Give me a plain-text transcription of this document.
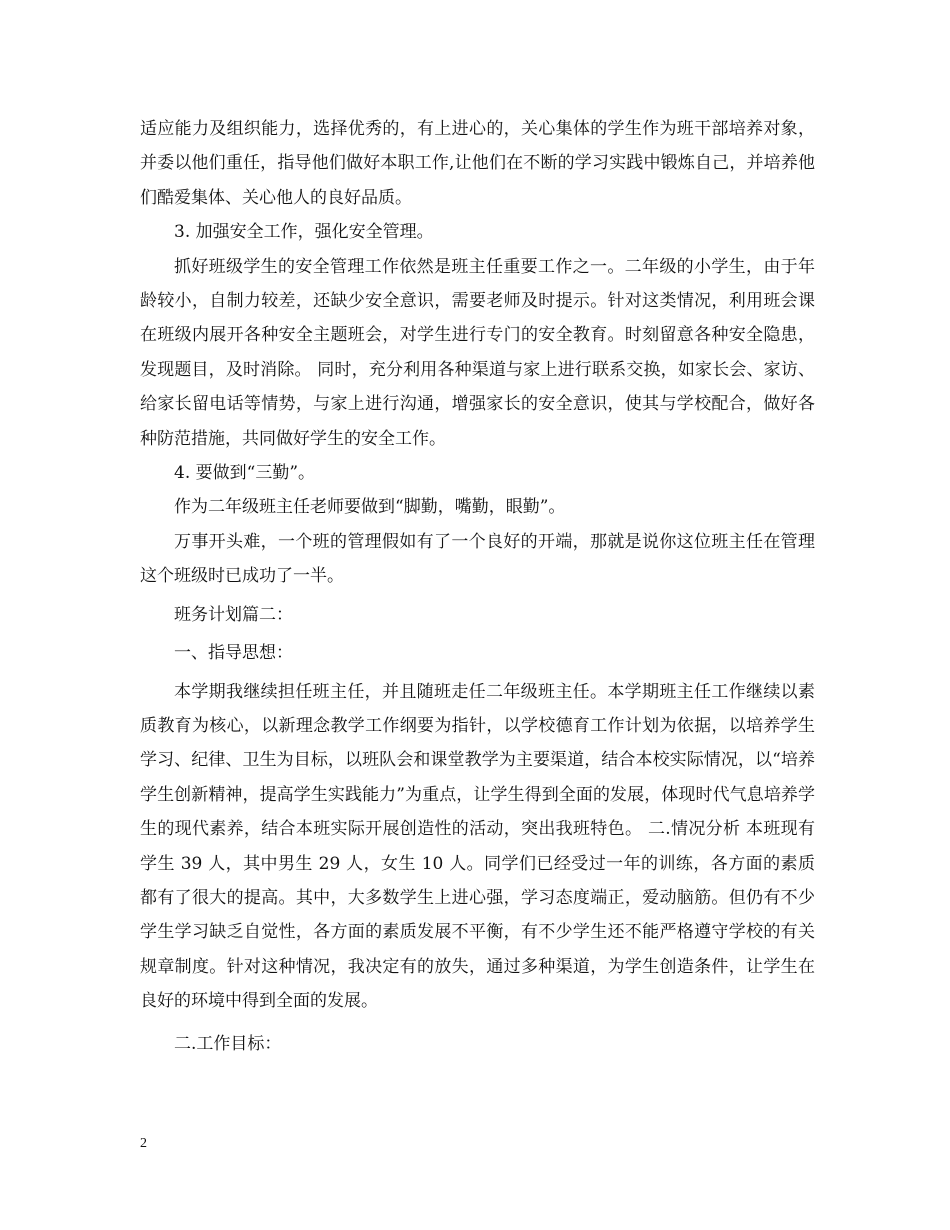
适应能力及组织能力，选择优秀的，有上进心的，关心集体的学生作为班干部培养对象，并委以他们重任，指导他们做好本职工作,让他们在不断的学习实践中锻炼自己，并培养他们酷爱集体、关心他人的良好品质。

3. 加强安全工作，强化安全管理。

抓好班级学生的安全管理工作依然是班主任重要工作之一。二年级的小学生，由于年龄较小，自制力较差，还缺少安全意识，需要老师及时提示。针对这类情况，利用班会课在班级内展开各种安全主题班会，对学生进行专门的安全教育。时刻留意各种安全隐患，发现题目，及时消除。 同时，充分利用各种渠道与家上进行联系交换，如家长会、家访、给家长留电话等情势，与家上进行沟通，增强家长的安全意识，使其与学校配合，做好各种防范措施，共同做好学生的安全工作。

4. 要做到“三勤”。

作为二年级班主任老师要做到“脚勤，嘴勤，眼勤”。

万事开头难，一个班的管理假如有了一个良好的开端，那就是说你这位班主任在管理这个班级时已成功了一半。

班务计划篇二：

一、指导思想：

本学期我继续担任班主任，并且随班走任二年级班主任。本学期班主任工作继续以素质教育为核心，以新理念教学工作纲要为指针，以学校德育工作计划为依据，以培养学生学习、纪律、卫生为目标，以班队会和课堂教学为主要渠道，结合本校实际情况，以“培养学生创新精神，提高学生实践能力”为重点，让学生得到全面的发展，体现时代气息培养学生的现代素养，结合本班实际开展创造性的活动，突出我班特色。 二.情况分析 本班现有学生 39 人，其中男生 29 人，女生 10 人。同学们已经受过一年的训练，各方面的素质都有了很大的提高。其中，大多数学生上进心强，学习态度端正，爱动脑筋。但仍有不少学生学习缺乏自觉性，各方面的素质发展不平衡，有不少学生还不能严格遵守学校的有关规章制度。针对这种情况，我决定有的放失，通过多种渠道，为学生创造条件，让学生在良好的环境中得到全面的发展。

二.工作目标：

2
